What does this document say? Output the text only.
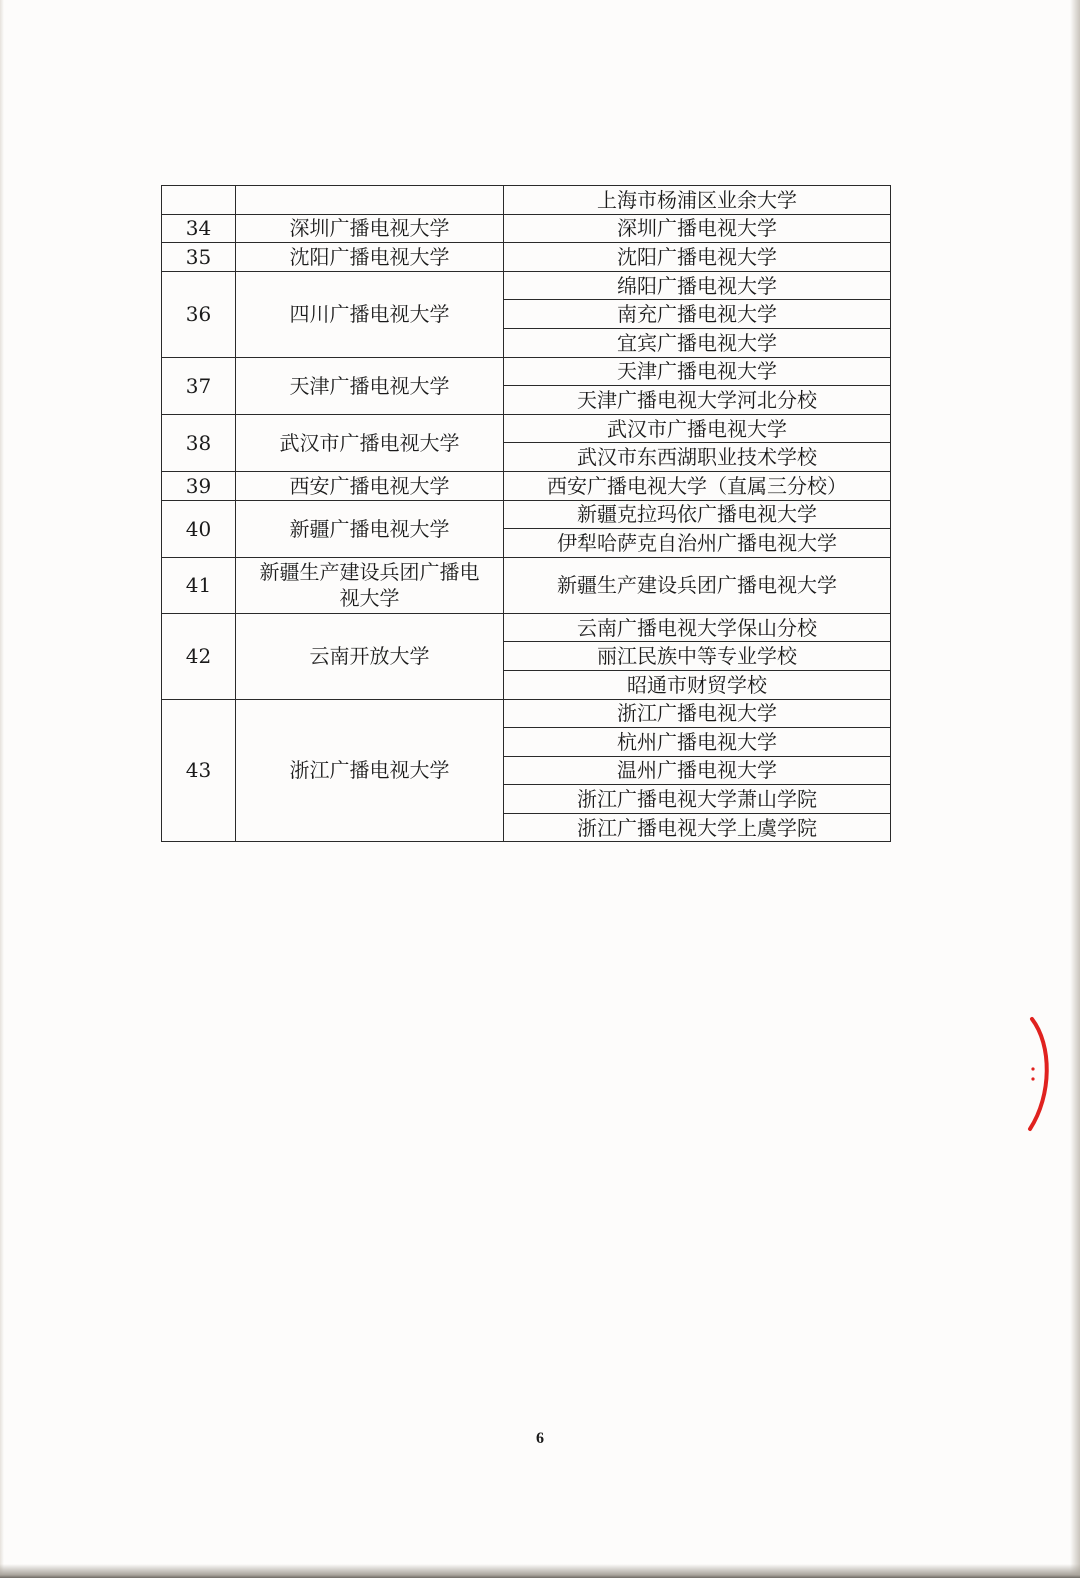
		上海市杨浦区业余大学
34	深圳广播电视大学	深圳广播电视大学
35	沈阳广播电视大学	沈阳广播电视大学
36	四川广播电视大学	绵阳广播电视大学
		南充广播电视大学
		宜宾广播电视大学
37	天津广播电视大学	天津广播电视大学
		天津广播电视大学河北分校
38	武汉市广播电视大学	武汉市广播电视大学
		武汉市东西湖职业技术学校
39	西安广播电视大学	西安广播电视大学（直属三分校）
40	新疆广播电视大学	新疆克拉玛依广播电视大学
		伊犁哈萨克自治州广播电视大学
41	新疆生产建设兵团广播电视大学	新疆生产建设兵团广播电视大学
42	云南开放大学	云南广播电视大学保山分校
		丽江民族中等专业学校
		昭通市财贸学校
43	浙江广播电视大学	浙江广播电视大学
		杭州广播电视大学
		温州广播电视大学
		浙江广播电视大学萧山学院
		浙江广播电视大学上虞学院
6
